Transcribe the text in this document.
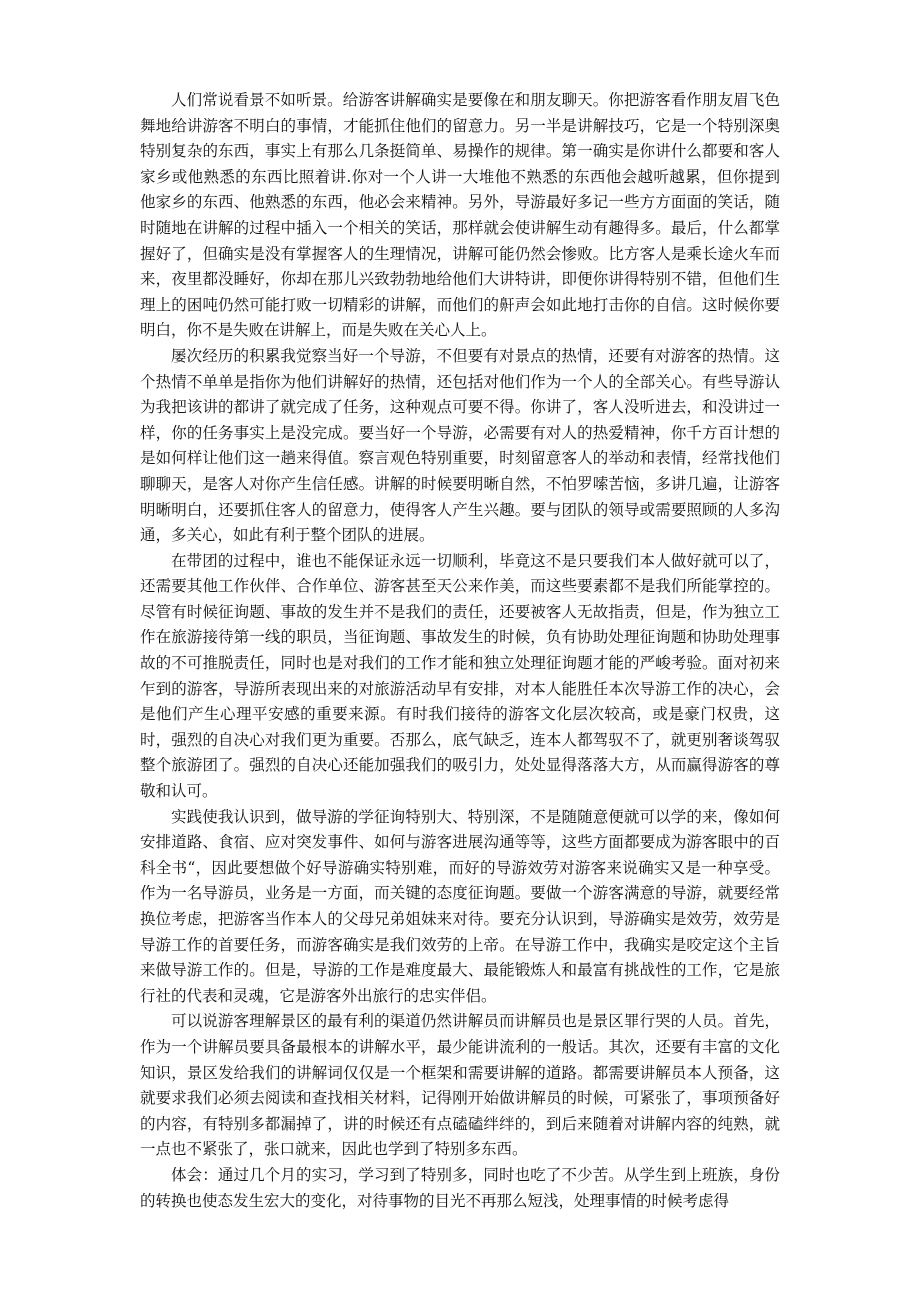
人们常说看景不如听景。给游客讲解确实是要像在和朋友聊天。你把游客看作朋友眉飞色舞地给讲游客不明白的事情，才能抓住他们的留意力。另一半是讲解技巧，它是一个特别深奥特别复杂的东西，事实上有那么几条挺简单、易操作的规律。第一确实是你讲什么都要和客人家乡或他熟悉的东西比照着讲.你对一个人讲一大堆他不熟悉的东西他会越听越累，但你提到他家乡的东西、他熟悉的东西，他必会来精神。另外，导游最好多记一些方方面面的笑话，随时随地在讲解的过程中插入一个相关的笑话，那样就会使讲解生动有趣得多。最后，什么都掌握好了，但确实是没有掌握客人的生理情况，讲解可能仍然会惨败。比方客人是乘长途火车而来，夜里都没睡好，你却在那儿兴致勃勃地给他们大讲特讲，即便你讲得特别不错，但他们生理上的困吨仍然可能打败一切精彩的讲解，而他们的鼾声会如此地打击你的自信。这时候你要明白，你不是失败在讲解上，而是失败在关心人上。

屡次经历的积累我觉察当好一个导游，不但要有对景点的热情，还要有对游客的热情。这个热情不单单是指你为他们讲解好的热情，还包括对他们作为一个人的全部关心。有些导游认为我把该讲的都讲了就完成了任务，这种观点可要不得。你讲了，客人没听进去，和没讲过一样，你的任务事实上是没完成。要当好一个导游，必需要有对人的热爱精神，你千方百计想的是如何样让他们这一趟来得值。察言观色特别重要，时刻留意客人的举动和表情，经常找他们聊聊天，是客人对你产生信任感。讲解的时候要明晰自然，不怕罗嗦苦恼，多讲几遍，让游客明晰明白，还要抓住客人的留意力，使得客人产生兴趣。要与团队的领导或需要照顾的人多沟通，多关心，如此有利于整个团队的进展。

在带团的过程中，谁也不能保证永远一切顺利，毕竟这不是只要我们本人做好就可以了，还需要其他工作伙伴、合作单位、游客甚至天公来作美，而这些要素都不是我们所能掌控的。尽管有时候征询题、事故的发生并不是我们的责任，还要被客人无故指责，但是，作为独立工作在旅游接待第一线的职员，当征询题、事故发生的时候，负有协助处理征询题和协助处理事故的不可推脱责任，同时也是对我们的工作才能和独立处理征询题才能的严峻考验。面对初来乍到的游客，导游所表现出来的对旅游活动早有安排，对本人能胜任本次导游工作的决心，会是他们产生心理平安感的重要来源。有时我们接待的游客文化层次较高，或是豪门权贵，这时，强烈的自决心对我们更为重要。否那么，底气缺乏，连本人都驾驭不了，就更别奢谈驾驭整个旅游团了。强烈的自决心还能加强我们的吸引力，处处显得落落大方，从而赢得游客的尊敬和认可。

实践使我认识到，做导游的学征询特别大、特别深，不是随随意便就可以学的来，像如何安排道路、食宿、应对突发事件、如何与游客进展沟通等等，这些方面都要成为游客眼中的百科全书“，因此要想做个好导游确实特别难，而好的导游效劳对游客来说确实又是一种享受。作为一名导游员，业务是一方面，而关键的态度征询题。要做一个游客满意的导游，就要经常换位考虑，把游客当作本人的父母兄弟姐妹来对待。要充分认识到，导游确实是效劳，效劳是导游工作的首要任务，而游客确实是我们效劳的上帝。在导游工作中，我确实是咬定这个主旨来做导游工作的。但是，导游的工作是难度最大、最能锻炼人和最富有挑战性的工作，它是旅行社的代表和灵魂，它是游客外出旅行的忠实伴侣。

可以说游客理解景区的最有利的渠道仍然讲解员而讲解员也是景区罪行哭的人员。首先，作为一个讲解员要具备最根本的讲解水平，最少能讲流利的一般话。其次，还要有丰富的文化知识，景区发给我们的讲解词仅仅是一个框架和需要讲解的道路。都需要讲解员本人预备，这就要求我们必须去阅读和查找相关材料，记得刚开始做讲解员的时候，可紧张了，事项预备好的内容，有特别多都漏掉了，讲的时候还有点磕磕绊绊的，到后来随着对讲解内容的纯熟，就一点也不紧张了，张口就来，因此也学到了特别多东西。

体会：通过几个月的实习，学习到了特别多，同时也吃了不少苦。从学生到上班族，身份的转换也使态发生宏大的变化，对待事物的目光不再那么短浅，处理事情的时候考虑得
